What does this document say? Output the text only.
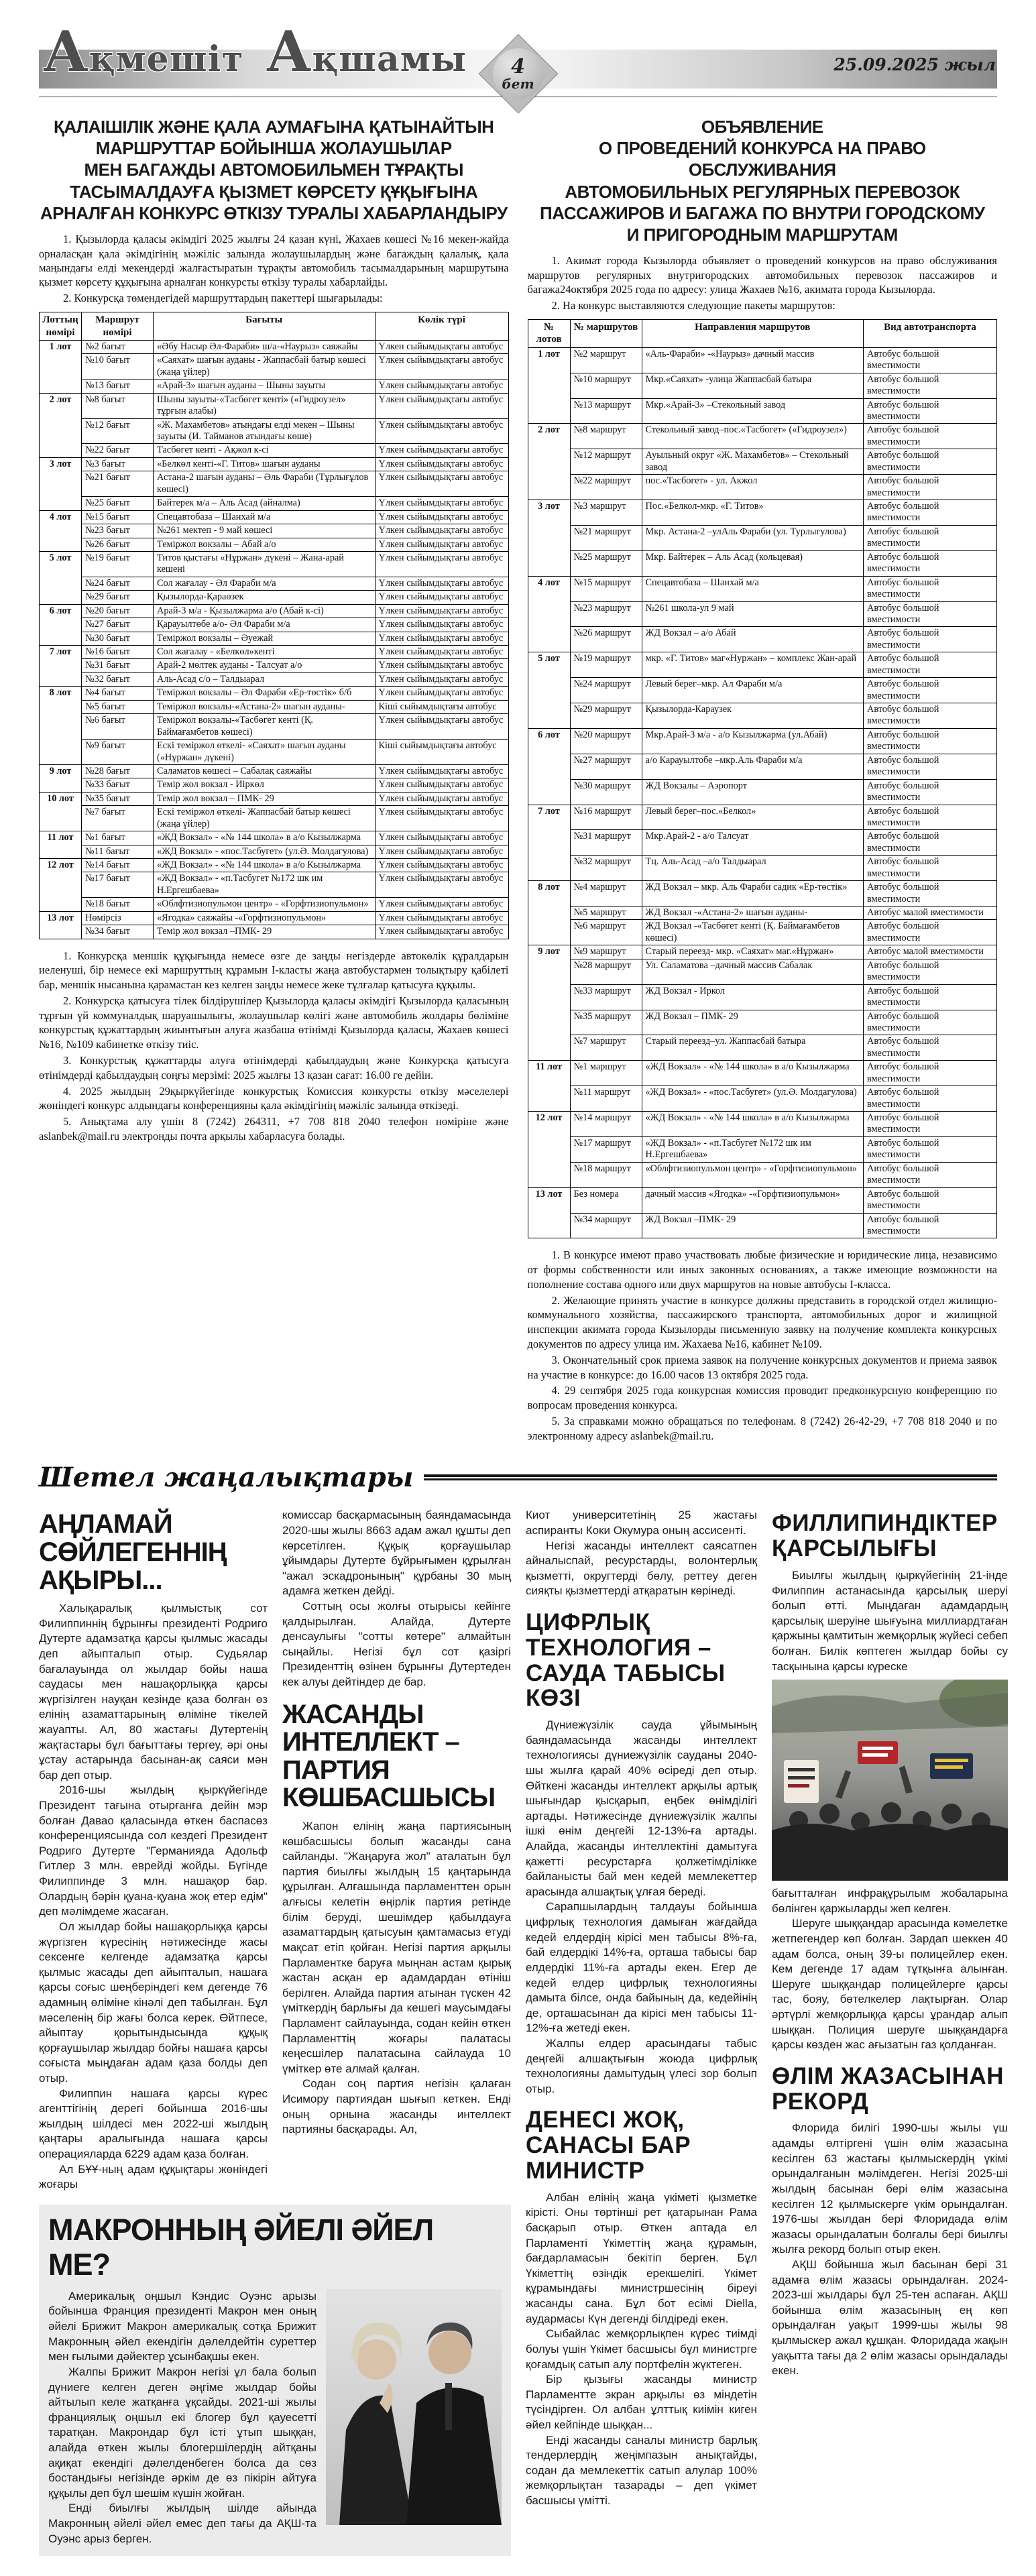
Ақмешіт Ақшамы	25.09.2025 жыл
4
бет
ҚАЛАІШІЛІК ЖӘНЕ ҚАЛА АУМАҒЫНА ҚАТЫНАЙТЫН
МАРШРУТТАР БОЙЫНША ЖОЛАУШЫЛАР
МЕН БАГАЖДЫ АВТОМОБИЛЬМЕН ТҰРАҚТЫ
ТАСЫМАЛДАУҒА ҚЫЗМЕТ КӨРСЕТУ ҚҰҚЫҒЫНА
АРНАЛҒАН КОНКУРС ӨТКІЗУ ТУРАЛЫ ХАБАРЛАНДЫРУ

1. Қызылорда қаласы әкімдігі 2025 жылғы 24 қазан күні, Жахаев көшесі №16 мекен-жайда орналасқан қала әкімдігінің мәжіліс залында жолаушылардың және багаждың қалалық, қала маңындағы елді мекендерді жалғастыратын тұрақты автомобиль тасымалдарының маршрутына қызмет көрсету құқығына арналған конкурсты өткізу туралы хабарлайды.

2. Конкурсқа төмендегідей маршруттардың пакеттері шығарылады:

Лоттың нөмірі	Маршрут нөмірі	Бағыты	Көлік түрі
1 лот	№2 бағыт	«Әбу Насыр Әл-Фараби» ш/а-«Наурыз» саяжайы	Үлкен сыйымдықтағы автобус
	№10 бағыт	«Саяхат» шағын ауданы - Жаппасбай батыр көшесі (жаңа үйлер)	Үлкен сыйымдықтағы автобус
	№13 бағыт	«Арай-3» шағын ауданы – Шыны зауыты	Үлкен сыйымдықтағы автобус
2 лот	№8 бағыт	Шыны зауыты-«Тасбөгет кенті» («Гидроузел» тұрғын алабы)	Үлкен сыйымдықтағы автобус
	№12 бағыт	«Ж. Махамбетов» атындағы елді мекен – Шыны зауыты (И. Тайманов атындағы көше)	Үлкен сыйымдықтағы автобус
	№22 бағыт	Тасбөгет кенті - Ақжол к-сі	Үлкен сыйымдықтағы автобус
3 лот	№3 бағыт	«Белкөл кенті-«Г. Титов» шағын ауданы	Үлкен сыйымдықтағы автобус
	№21 бағыт	Астана-2 шағын ауданы – Әль Фараби (Тұрлығұлов көшесі)	Үлкен сыйымдықтағы автобус
	№25 бағыт	Байтерек м/а – Аль Асад (айналма)	Үлкен сыйымдықтағы автобус
4 лот	№15 бағыт	Спецавтобаза – Шанхай м/а	Үлкен сыйымдықтағы автобус
	№23 бағыт	№261 мектеп - 9 май көшесі	Үлкен сыйымдықтағы автобус
	№26 бағыт	Теміржол вокзалы – Абай а/о	Үлкен сыйымдықтағы автобус
5 лот	№19 бағыт	Титов қыстағы «Нұржан» дүкені – Жана-арай кешені	Үлкен сыйымдықтағы автобус
	№24 бағыт	Сол жағалау - Әл Фараби м/а	Үлкен сыйымдықтағы автобус
	№29 бағыт	Қызылорда-Қараөзек	Үлкен сыйымдықтағы автобус
6 лот	№20 бағыт	Арай-3 м/а - Қызылжарма а/о (Абай к-сі)	Үлкен сыйымдықтағы автобус
	№27 бағыт	Қарауылтөбе а/о- Әл Фараби м/а	Үлкен сыйымдықтағы автобус
	№30 бағыт	Теміржол вокзалы – Әуежай	Үлкен сыйымдықтағы автобус
7 лот	№16 бағыт	Сол жағалау - «Белкөл»кенті	Үлкен сыйымдықтағы автобус
	№31 бағыт	Арай-2 мөлтек ауданы - Талсуат а/о	Үлкен сыйымдықтағы автобус
	№32 бағыт	Аль-Асад с/о – Талдыарал	Үлкен сыйымдықтағы автобус
8 лот	№4 бағыт	Теміржол вокзалы – Әл Фараби «Ер-төстік» б/б	Үлкен сыйымдықтағы автобус
	№5 бағыт	Теміржол вокзалы-«Астана-2» шағын ауданы-	Кіші сыйымдықтағы автобус
	№6 бағыт	Теміржол вокзалы-«Тасбөгет кенті (Қ. Баймағамбетов көшесі)	Үлкен сыйымдықтағы автобус
	№9 бағыт	Ескі теміржол өткелі- «Саяхат» шағын ауданы («Нұржан» дүкені)	Кіші сыйымдықтағы автобус
9 лот	№28 бағыт	Саламатов көшесі – Сабалақ саяжайы	Үлкен сыйымдықтағы автобус
	№33 бағыт	Темір жол вокзал - Иіркөл	Үлкен сыйымдықтағы автобус
10 лот	№35 бағыт	Темір жол вокзал – ПМК- 29	Үлкен сыйымдықтағы автобус
	№7 бағыт	Ескі теміржол өткелі- Жаппасбай батыр көшесі (жаңа үйлер)	Үлкен сыйымдықтағы автобус
11 лот	№1 бағыт	«ЖД Вокзал» - «№ 144 школа» в а/о Кызылжарма	Үлкен сыйымдықтағы автобус
	№11 бағыт	«ЖД Вокзал» - «пос.Тасбугет» (ул.Ә. Молдагулова)	Үлкен сыйымдықтағы автобус
12 лот	№14 бағыт	«ЖД Вокзал» - «№ 144 школа» в а/о Кызылжарма	Үлкен сыйымдықтағы автобус
	№17 бағыт	«ЖД Вокзал» - «п.Тасбугет №172 шк им Н.Ергешбаева»	Үлкен сыйымдықтағы автобус
	№18 бағыт	«Облфтизиопульмон центр» - «Горфтизиопульмон»	Үлкен сыйымдықтағы автобус
13 лот	Нөмірсіз	«Ягодка» саяжайы -«Горфтизиопульмон»	Үлкен сыйымдықтағы автобус
	№34 бағыт	Темір жол вокзал –ПМК- 29	Үлкен сыйымдықтағы автобус

1. Конкурсқа меншік құқығында немесе өзге де заңды негіздерде автокөлік құралдарын иеленуші, бір немесе екі маршруттың құрамын I-класты жаңа автобустармен толықтыру қабілеті бар, меншік нысанына қарамастан кез келген заңды немесе жеке тұлғалар қатысуға құқылы.

2. Конкурсқа қатысуға тілек білдірушілер Қызылорда қаласы әкімдігі Қызылорда қаласының тұрғын үй коммуналдық шаруашылығы, жолаушылар көлігі және автомобиль жолдары бөліміне конкурстық құжаттардың жиынтығын алуға жазбаша өтінімді Қызылорда қаласы, Жахаев көшесі №16, №109 кабинетке өткізу тиіс.

3. Конкурстық құжаттарды алуға өтінімдерді қабылдаудың және Конкурсқа қатысуға өтінімдерді қабылдаудың соңғы мерзімі: 2025 жылғы 13 қазан сағат: 16.00 ге дейін.

4. 2025 жылдың 29қыркүйегінде конкурстық Комиссия конкурсты өткізу мәселелері жөніндегі конкурс алдындағы конференцияны қала әкімдігінің мәжіліс залында өткізеді.

5. Анықтама алу үшін 8 (7242) 264311, +7 708 818 2040 телефон нөміріне және aslanbek@mail.ru электронды почта арқылы хабарласуға болады.

ОБЪЯВЛЕНИЕ
О ПРОВЕДЕНИЙ КОНКУРСА НА ПРАВО ОБСЛУЖИВАНИЯ
АВТОМОБИЛЬНЫХ РЕГУЛЯРНЫХ ПЕРЕВОЗОК
ПАССАЖИРОВ И БАГАЖА ПО ВНУТРИ ГОРОДСКОМУ
И ПРИГОРОДНЫМ МАРШРУТАМ

1. Акимат города Кызылорда объявляет о проведений конкурсов на право обслуживания маршрутов регулярных внутригородских автомобильных перевозок пассажиров и багажа24октября 2025 года по адресу: улица Жахаев №16, акимата города Кызылорда.

2. На конкурс выставляются следующие пакеты маршрутов:

№ лотов	№ маршрутов	Направления маршрутов	Вид автотранспорта
1 лот	№2 маршрут	«Аль-Фараби» -«Наурыз» дачный массив	Автобус большой вместимости
	№10 маршрут	Мкр.«Саяхат» -улица Жаппасбай батыра	Автобус большой вместимости
	№13 маршрут	Мкр.«Арай-3» –Стекольный завод	Автобус большой вместимости
2 лот	№8 маршрут	Стекольный завод–пос.«Тасбогет» («Гидроузел»)	Автобус большой вместимости
	№12 маршрут	Ауыльный округ «Ж. Махамбетов» – Стекольный завод	Автобус большой вместимости
	№22 маршрут	пос.«Тасбогет» - ул. Акжол	Автобус большой вместимости
3 лот	№3 маршрут	Пос.«Белкол-мкр. «Г. Титов»	Автобус большой вместимости
	№21 маршрут	Мкр. Астана-2 –улАль Фараби (ул. Турлыгулова)	Автобус большой вместимости
	№25 маршрут	Мкр. Байтерек – Аль Асад (кольцевая)	Автобус большой вместимости
4 лот	№15 маршрут	Спецавтобаза – Шанхай м/а	Автобус большой вместимости
	№23 маршрут	№261 школа-ул 9 май	Автобус большой вместимости
	№26 маршрут	ЖД Вокзал – а/о Абай	Автобус большой вместимости
5 лот	№19 маршрут	мкр. «Г. Титов» маг«Нуржан» – комплекс Жан-арай	Автобус большой вместимости
	№24 маршрут	Левый берег–мкр. Ал Фараби м/а	Автобус большой вместимости
	№29 маршрут	Қызылорда-Караузек	Автобус большой вместимости
6 лот	№20 маршрут	Мкр.Арай-3 м/а - а/о Кызылжарма (ул.Абай)	Автобус большой вместимости
	№27 маршрут	а/о Карауылтобе –мкр.Аль Фараби м/а	Автобус большой вместимости
	№30 маршрут	ЖД Вокзалы – Аэропорт	Автобус большой вместимости
7 лот	№16 маршрут	Левый берег–пос.«Белкол»	Автобус большой вместимости
	№31 маршрут	Мкр.Арай-2 - а/о Талсуат	Автобус большой вместимости
	№32 маршрут	Тц. Аль-Асад –а/о Талдыарал	Автобус большой вместимости
8 лот	№4 маршрут	ЖД Вокзал – мкр. Аль Фараби садик «Ер-төстік»	Автобус большой вместимости
	№5 маршрут	ЖД Вокзал -«Астана-2» шағын ауданы-	Автобус малой вместимости
	№6 маршрут	ЖД Вокзал -«Тасбөгет кенті (Қ. Баймағамбетов көшесі)	Автобус большой вместимости
9 лот	№9 маршрут	Старый переезд- мкр. «Саяхат» маг.«Нұржан»	Автобус малой вместимости
	№28 маршрут	Ул. Саламатова –дачный массив Сабалак	Автобус большой вместимости
	№33 маршрут	ЖД Вокзал - Иркол	Автобус большой вместимости
	№35 маршрут	ЖД Вокзал – ПМК- 29	Автобус большой вместимости
	№7 маршрут	Старый переезд–ул. Жаппасбай батыра	Автобус большой вместимости
11 лот	№1 маршрут	«ЖД Вокзал» - «№ 144 школа» в а/о Кызылжарма	Автобус большой вместимости
	№11 маршрут	«ЖД Вокзал» - «пос.Тасбугет» (ул.Ә. Молдагулова)	Автобус большой вместимости
12 лот	№14 маршрут	«ЖД Вокзал» - «№ 144 школа» в а/о Кызылжарма	Автобус большой вместимости
	№17 маршрут	«ЖД Вокзал» - «п.Тасбугет №172 шк им Н.Ергешбаева»	Автобус большой вместимости
	№18 маршрут	«Облфтизиопульмон центр» - «Горфтизиопульмон»	Автобус большой вместимости
13 лот	Без номера	дачный массив «Ягодка» -«Горфтизиопульмон»	Автобус большой вместимости
	№34 маршрут	ЖД Вокзал –ПМК- 29	Автобус большой вместимости

1. В конкурсе имеют право участвовать любые физические и юридические лица, независимо от формы собственности или иных законных основаниях, а также имеющие возможности на пополнение состава одного или двух маршрутов на новые автобусы I-класса.

2. Желающие принять участие в конкурсе должны представить в городской отдел жилищно-коммунального хозяйства, пассажирского транспорта, автомобильных дорог и жилищной инспекции акимата города Кызылорды письменную заявку на получение комплекта конкурсных документов по адресу улица им. Жахаева №16, кабинет №109.

3. Окончательный срок приема заявок на получение конкурсных документов и приема заявок на участие в конкурсе: до 16.00 часов 13 октября 2025 года.

4. 29 сентября 2025 года конкурсная комиссия проводит предконкурсную конференцию по вопросам проведения конкурса.

5. За справками можно обращаться по телефонам. 8 (7242) 26-42-29, +7 708 818 2040 и по электронному адресу aslanbek@mail.ru.

Шетел жаңалықтары
АҢЛАМАЙ СӨЙЛЕГЕННІҢ АҚЫРЫ...

Халықаралық қылмыстық сот Филиппиннің бұрынғы президенті Родриго Дутерте адамзатқа қарсы қылмыс жасады деп айыпталып отыр. Судьялар бағалауында ол жылдар бойы наша саудасы мен нашақорлыққа қарсы жүргізілген науқан кезінде қаза болған өз елінің азаматтарының өліміне тікелей жауапты. Ал, 80 жастағы Дутертенің жақтастары бұл бағыттағы тергеу, әрі оны ұстау астарында басынан-ақ саяси мән бар деп отыр.

2016-шы жылдың қыркүйегінде Президент тағына отырғанға дейін мэр болған Давао қаласында өткен баспасөз конференциясында сол кездегі Президент Родриго Дутерте "Германияда Адольф Гитлер 3 млн. еврейді жойды. Бүгінде Филиппинде 3 млн. нашақор бар. Олардың бәрін қуана-қуана жоқ етер едім" деп мәлімдеме жасаған.

Ол жылдар бойы нашақорлыққа қарсы жүргізген күресінің нәтижесінде жасы сексенге келгенде адамзатқа қарсы қылмыс жасады деп айыпталып, нашаға қарсы соғыс шеңберіндегі кем дегенде 76 адамның өліміне кінәлі деп табылған. Бұл мәселенің бір жағы болса керек. Өйтпесе, айыптау қорытындысында құқық қорғаушылар жылдар бойғы нашаға қарсы соғыста мыңдаған адам қаза болды деп отыр.

Филиппин нашаға қарсы күрес агенттігінің дерегі бойынша 2016-шы жылдың шілдесі мен 2022-ші жылдың қаңтары аралығында нашаға қарсы операцияларда 6229 адам қаза болған.

Ал БҰҰ-ның адам құқықтары жөніндегі жоғары

комиссар басқармасының баяндамасында 2020-шы жылы 8663 адам ажал құшты деп көрсетілген. Құқық қорғаушылар ұйымдары Дутерте бұйрығымен құрылған "ажал эскадронының" құрбаны 30 мың адамға жеткен дейді.

Соттың осы жолғы отырысы кейінге қалдырылған. Алайда, Дутерте денсаулығы "сотты көтере" алмайтын сыңайлы. Негізі бұл сот қазіргі Президенттің өзінен бұрынғы Дутертеден кек алуы дейтіндер де бар.

ЖАСАНДЫ ИНТЕЛЛЕКТ – ПАРТИЯ КӨШБАСШЫСЫ

Жапон елінің жаңа партиясының көшбасшысы болып жасанды сана сайланды. "Жаңаруға жол" аталатын бұл партия биылғы жылдың 15 қаңтарында құрылған. Алғашында парламенттен орын алғысы келетін өңірлік партия ретінде білім беруді, шешімдер қабылдауға азаматтардың қатысуын қамтамасыз етуді мақсат етіп қойған. Негізі партия арқылы Парламентке баруға мыңнан астам қырық жастан асқан ер адамдардан өтініш берілген. Алайда партия атынан түскен 42 үміткердің барлығы да кешегі маусымдағы Парламент сайлауында, содан кейін өткен Парламенттің жоғары палатасы кеңесшілер палатасына сайлауда 10 үміткер өте алмай қалған.

Содан соң партия негізін қалаған Исимору партиядан шығып кеткен. Енді оның орнына жасанды интеллект партияны басқарады. Ал,

МАКРОННЫҢ ӘЙЕЛІ ӘЙЕЛ МЕ?

Америкалық оңшыл Кэндис Оуэнс арызы бойынша Франция президенті Макрон мен оның әйелі Брижит Макрон америкалық сотқа Брижит Макронның әйел екендігін дәлелдейтін суреттер мен ғылыми дәйектер ұсынбақшы екен.

Жалпы Брижит Макрон негізі ұл бала болып дүниеге келген деген әңгіме жылдар бойы айтылып келе жатқанға ұқсайды. 2021-ші жылы франциялық оңшыл екі блогер бұл қауесетті таратқан. Макрондар бұл істі ұтып шыққан, алайда өткен жылы блогершілердің айтқаны ақиқат екендігі дәлелденбеген болса да сөз бостандығы негізінде әркім де өз пікірін айтуға құқылы деп бұл шешім күшін жойған.

Енді биылғы жылдың шілде айында Макронның әйелі әйел емес деп тағы да АҚШ-та Оуэнс арыз берген.

Киот университетінің 25 жастағы аспиранты Коки Окумура оның ассисенті.

Негізі жасанды интеллект саясатпен айналыспай, ресурстарды, волонтерлық қызметті, округтерді бөлу, реттеу деген сияқты қызметтерді атқаратын көрінеді.

ЦИФРЛЫҚ ТЕХНОЛОГИЯ – САУДА ТАБЫСЫ КӨЗІ

Дүниежүзілік сауда ұйымының баяндамасында жасанды интеллект технологиясы дүниежүзілік сауданы 2040-шы жылға қарай 40% өсіреді деп отыр. Өйткені жасанды интеллект арқылы артық шығындар қысқарып, еңбек өнімділігі артады. Нәтижесінде дүниежүзілік жалпы ішкі өнім деңгейі 12-13%-ға артады. Алайда, жасанды интеллектіні дамытуға қажетті ресурстарға қолжетімділікке байланысты бай мен кедей мемлекеттер арасында алшақтық ұлғая береді.

Сарапшылардың талдауы бойынша цифрлық технология дамыған жағдайда кедей елдердің кірісі мен табысы 8%-ға, бай елдердікі 14%-ға, орташа табысы бар елдердікі 11%-ға артады екен. Егер де кедей елдер цифрлық технологияны дамыта білсе, онда байының да, кедейінің де, орташасынан да кірісі мен табысы 11-12%-ға жетеді екен.

Жалпы елдер арасындағы табыс деңгейі алшақтығын жоюда цифрлық технологияны дамытудың үлесі зор болып отыр.

ДЕНЕСІ ЖОҚ, САНАСЫ БАР МИНИСТР

Албан елінің жаңа үкіметі қызметке кірісті. Оны төртінші рет қатарынан Рама басқарып отыр. Өткен аптада ел Парламенті Үкіметтің жаңа құрамын, бағдарламасын бекітіп берген. Бұл Үкіметтің өзіндік ерекшелігі. Үкімет құрамындағы министршесінің біреуі жасанды сана. Бұл бот есімі Diella, аудармасы Күн дегенді білдіреді екен.

Сыбайлас жемқорлықпен күрес тиімді болуы үшін Үкімет басшысы бұл министрге қоғамдық сатып алу портфелін жүктеген.

Бір қызығы жасанды министр Парламентте экран арқылы өз міндетін түсіндірген. Ол албан ұлттық киімін киген әйел кейпінде шыққан...

Енді жасанды саналы министр барлық тендерлердің жеңімпазын анықтайды, содан да мемлекеттік сатып алулар 100% жемқорлықтан тазарады – деп үкімет басшысы үмітті.

ФИЛЛИПИНДІКТЕР ҚАРСЫЛЫҒЫ

Биылғы жылдың қыркүйегінің 21-інде Филиппин астанасында қарсылық шеруі болып өтті. Мыңдаған адамдардың қарсылық шеруіне шығуына миллиардтаған қаржыны қамтитын жемқорлық жүйесі себеп болған. Билік көптеген жылдар бойы су тасқынына қарсы күреске

бағытталған инфрақұрылым жобаларына бөлінген қаржыларды жеп келген.

Шеруге шыққандар арасында кәмелетке жетпегендер көп болған. Зардап шеккен 40 адам болса, оның 39-ы полицейлер екен. Кем дегенде 17 адам тұтқынға алынған. Шеруге шыққандар полицейлерге қарсы тас, бояу, бөтелкелер лақтырған. Олар әртүрлі жемқорлыққа қарсы ұрандар алып шыққан. Полиция шеруге шыққандарға қарсы көзден жас ағызатын газ қолданған.

ӨЛІМ ЖАЗАСЫНАН РЕКОРД

Флорида билігі 1990-шы жылы үш адамды өлтіргені үшін өлім жазасына кесілген 63 жастағы қылмыскердің үкімі орындалғанын мәлімдеген. Негізі 2025-ші жылдың басынан бері өлім жазасына кесілген 12 қылмыскерге үкім орындалған. 1976-шы жылдан бері Флоридада өлім жазасы орындалатын болғалы бері биылғы жылға рекорд болып отыр екен.

АҚШ бойынша жыл басынан бері 31 адамға өлім жазасы орындалған. 2024-2023-ші жылдары бұл 25-тен аспаған. АҚШ бойынша өлім жазасының ең көп орындалған уақыт 1999-шы жылы 98 қылмыскер ажал құшқан. Флоридада жақын уақытта тағы да 2 өлім жазасы орындалады екен.
